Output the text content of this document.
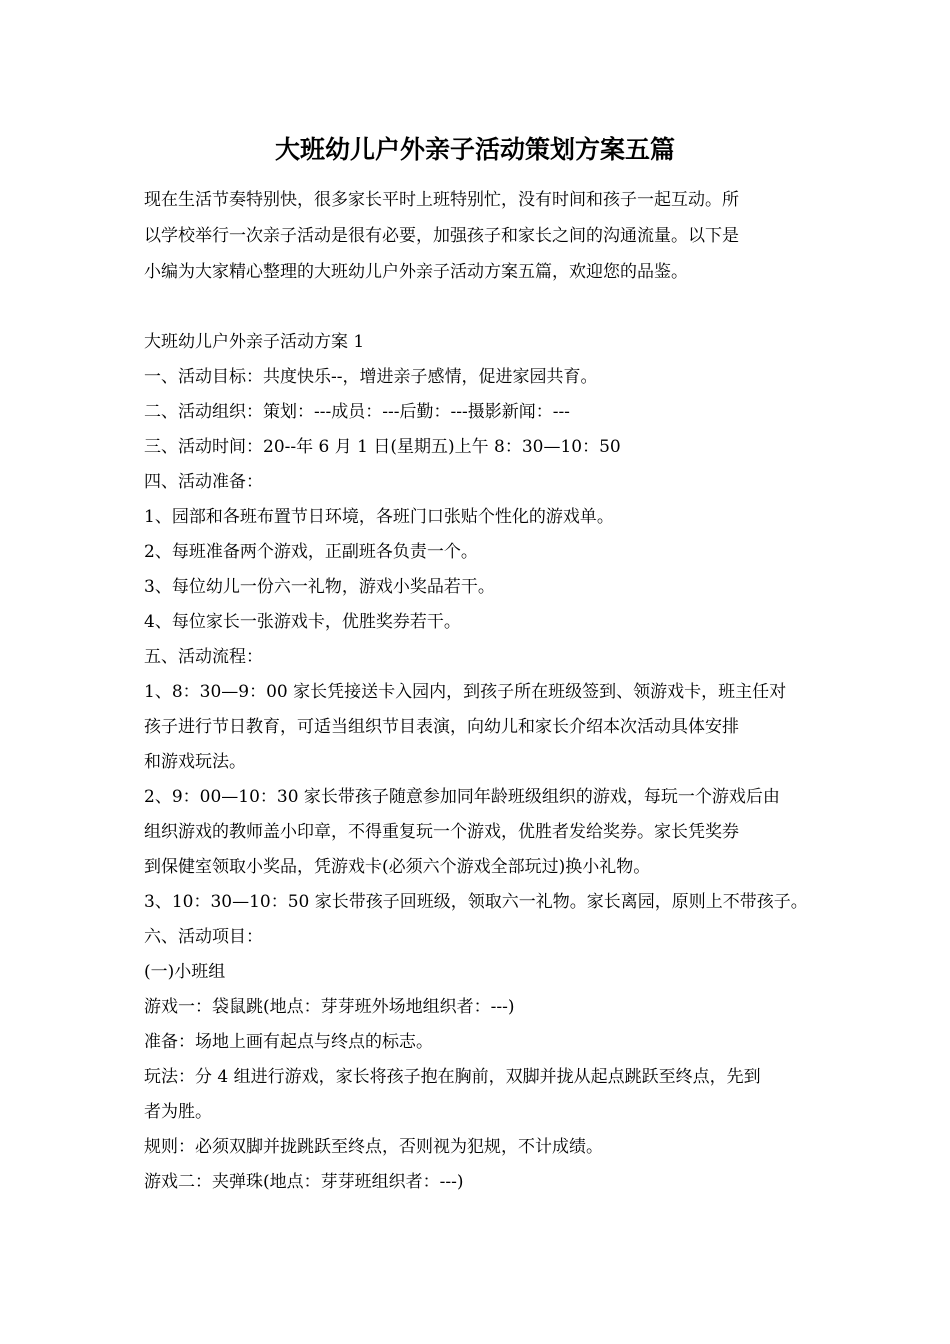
大班幼儿户外亲子活动策划方案五篇
现在生活节奏特别快，很多家长平时上班特别忙，没有时间和孩子一起互动。所
以学校举行一次亲子活动是很有必要，加强孩子和家长之间的沟通流量。以下是
小编为大家精心整理的大班幼儿户外亲子活动方案五篇，欢迎您的品鉴。
大班幼儿户外亲子活动方案 1
一、活动目标：共度快乐--，增进亲子感情，促进家园共育。
二、活动组织：策划：---成员：---后勤：---摄影新闻：---
三、活动时间：20--年 6 月 1 日(星期五)上午 8：30—10：50
四、活动准备：
1、园部和各班布置节日环境，各班门口张贴个性化的游戏单。
2、每班准备两个游戏，正副班各负责一个。
3、每位幼儿一份六一礼物，游戏小奖品若干。
4、每位家长一张游戏卡，优胜奖券若干。
五、活动流程：
1、8：30—9：00 家长凭接送卡入园内，到孩子所在班级签到、领游戏卡，班主任对
孩子进行节日教育，可适当组织节目表演，向幼儿和家长介绍本次活动具体安排
和游戏玩法。
2、9：00—10：30 家长带孩子随意参加同年龄班级组织的游戏，每玩一个游戏后由
组织游戏的教师盖小印章，不得重复玩一个游戏，优胜者发给奖券。家长凭奖券
到保健室领取小奖品，凭游戏卡(必须六个游戏全部玩过)换小礼物。
3、10：30—10：50 家长带孩子回班级，领取六一礼物。家长离园，原则上不带孩子。
六、活动项目：
(一)小班组
游戏一：袋鼠跳(地点：芽芽班外场地组织者：---)
准备：场地上画有起点与终点的标志。
玩法：分 4 组进行游戏，家长将孩子抱在胸前，双脚并拢从起点跳跃至终点，先到
者为胜。
规则：必须双脚并拢跳跃至终点，否则视为犯规，不计成绩。
游戏二：夹弹珠(地点：芽芽班组织者：---)
